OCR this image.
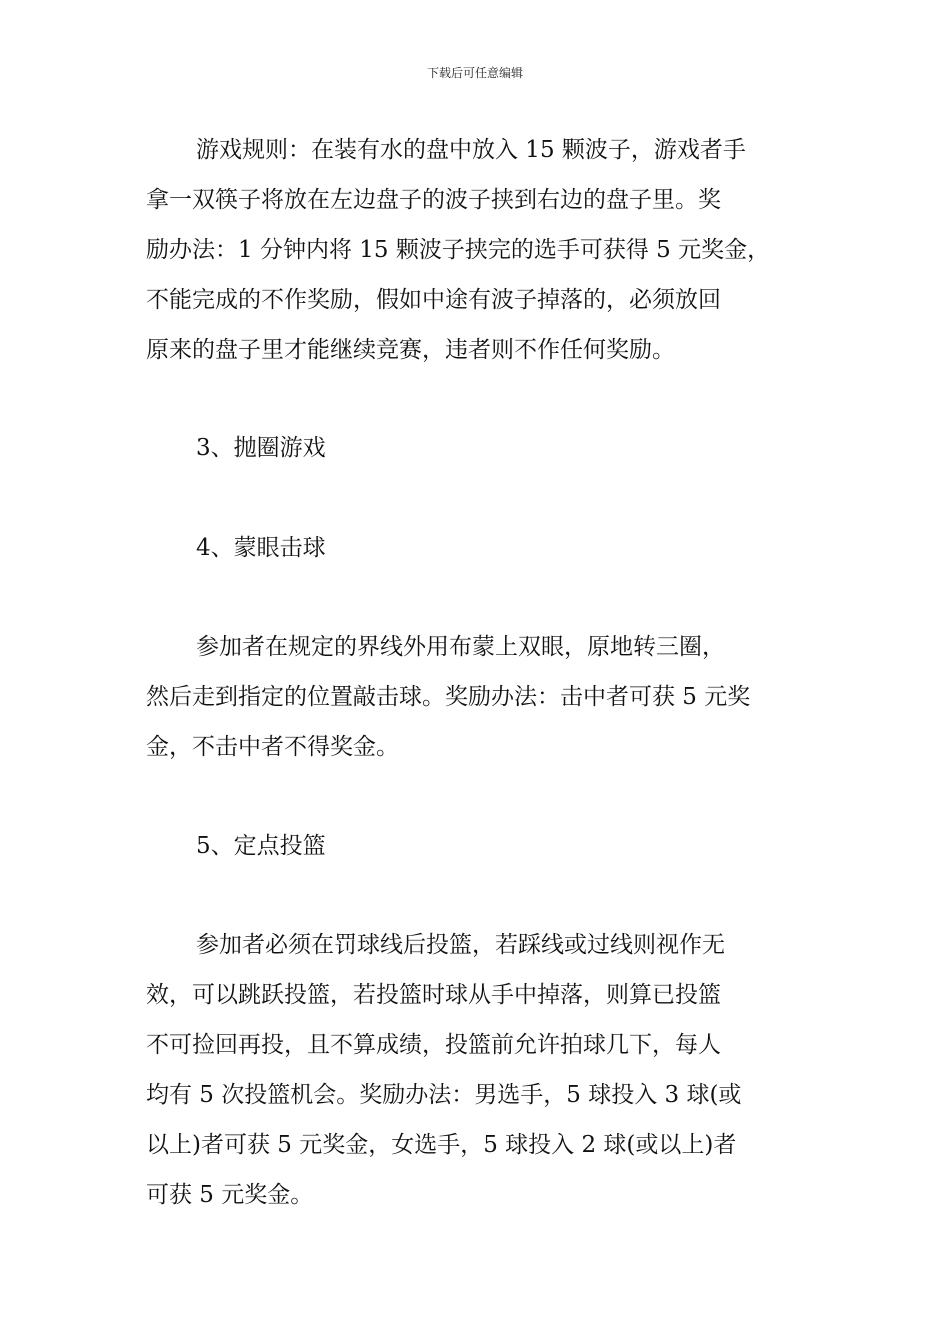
下载后可任意编辑
游戏规则：在装有水的盘中放入 15 颗波子，游戏者手
拿一双筷子将放在左边盘子的波子挟到右边的盘子里。奖
励办法：1 分钟内将 15 颗波子挟完的选手可获得 5 元奖金，
不能完成的不作奖励，假如中途有波子掉落的，必须放回
原来的盘子里才能继续竞赛，违者则不作任何奖励。
3、抛圈游戏
4、蒙眼击球
参加者在规定的界线外用布蒙上双眼，原地转三圈，
然后走到指定的位置敲击球。奖励办法：击中者可获 5 元奖
金，不击中者不得奖金。
5、定点投篮
参加者必须在罚球线后投篮，若踩线或过线则视作无
效，可以跳跃投篮，若投篮时球从手中掉落，则算已投篮
不可捡回再投，且不算成绩，投篮前允许拍球几下，每人
均有 5 次投篮机会。奖励办法：男选手，5 球投入 3 球(或
以上)者可获 5 元奖金，女选手，5 球投入 2 球(或以上)者
可获 5 元奖金。
